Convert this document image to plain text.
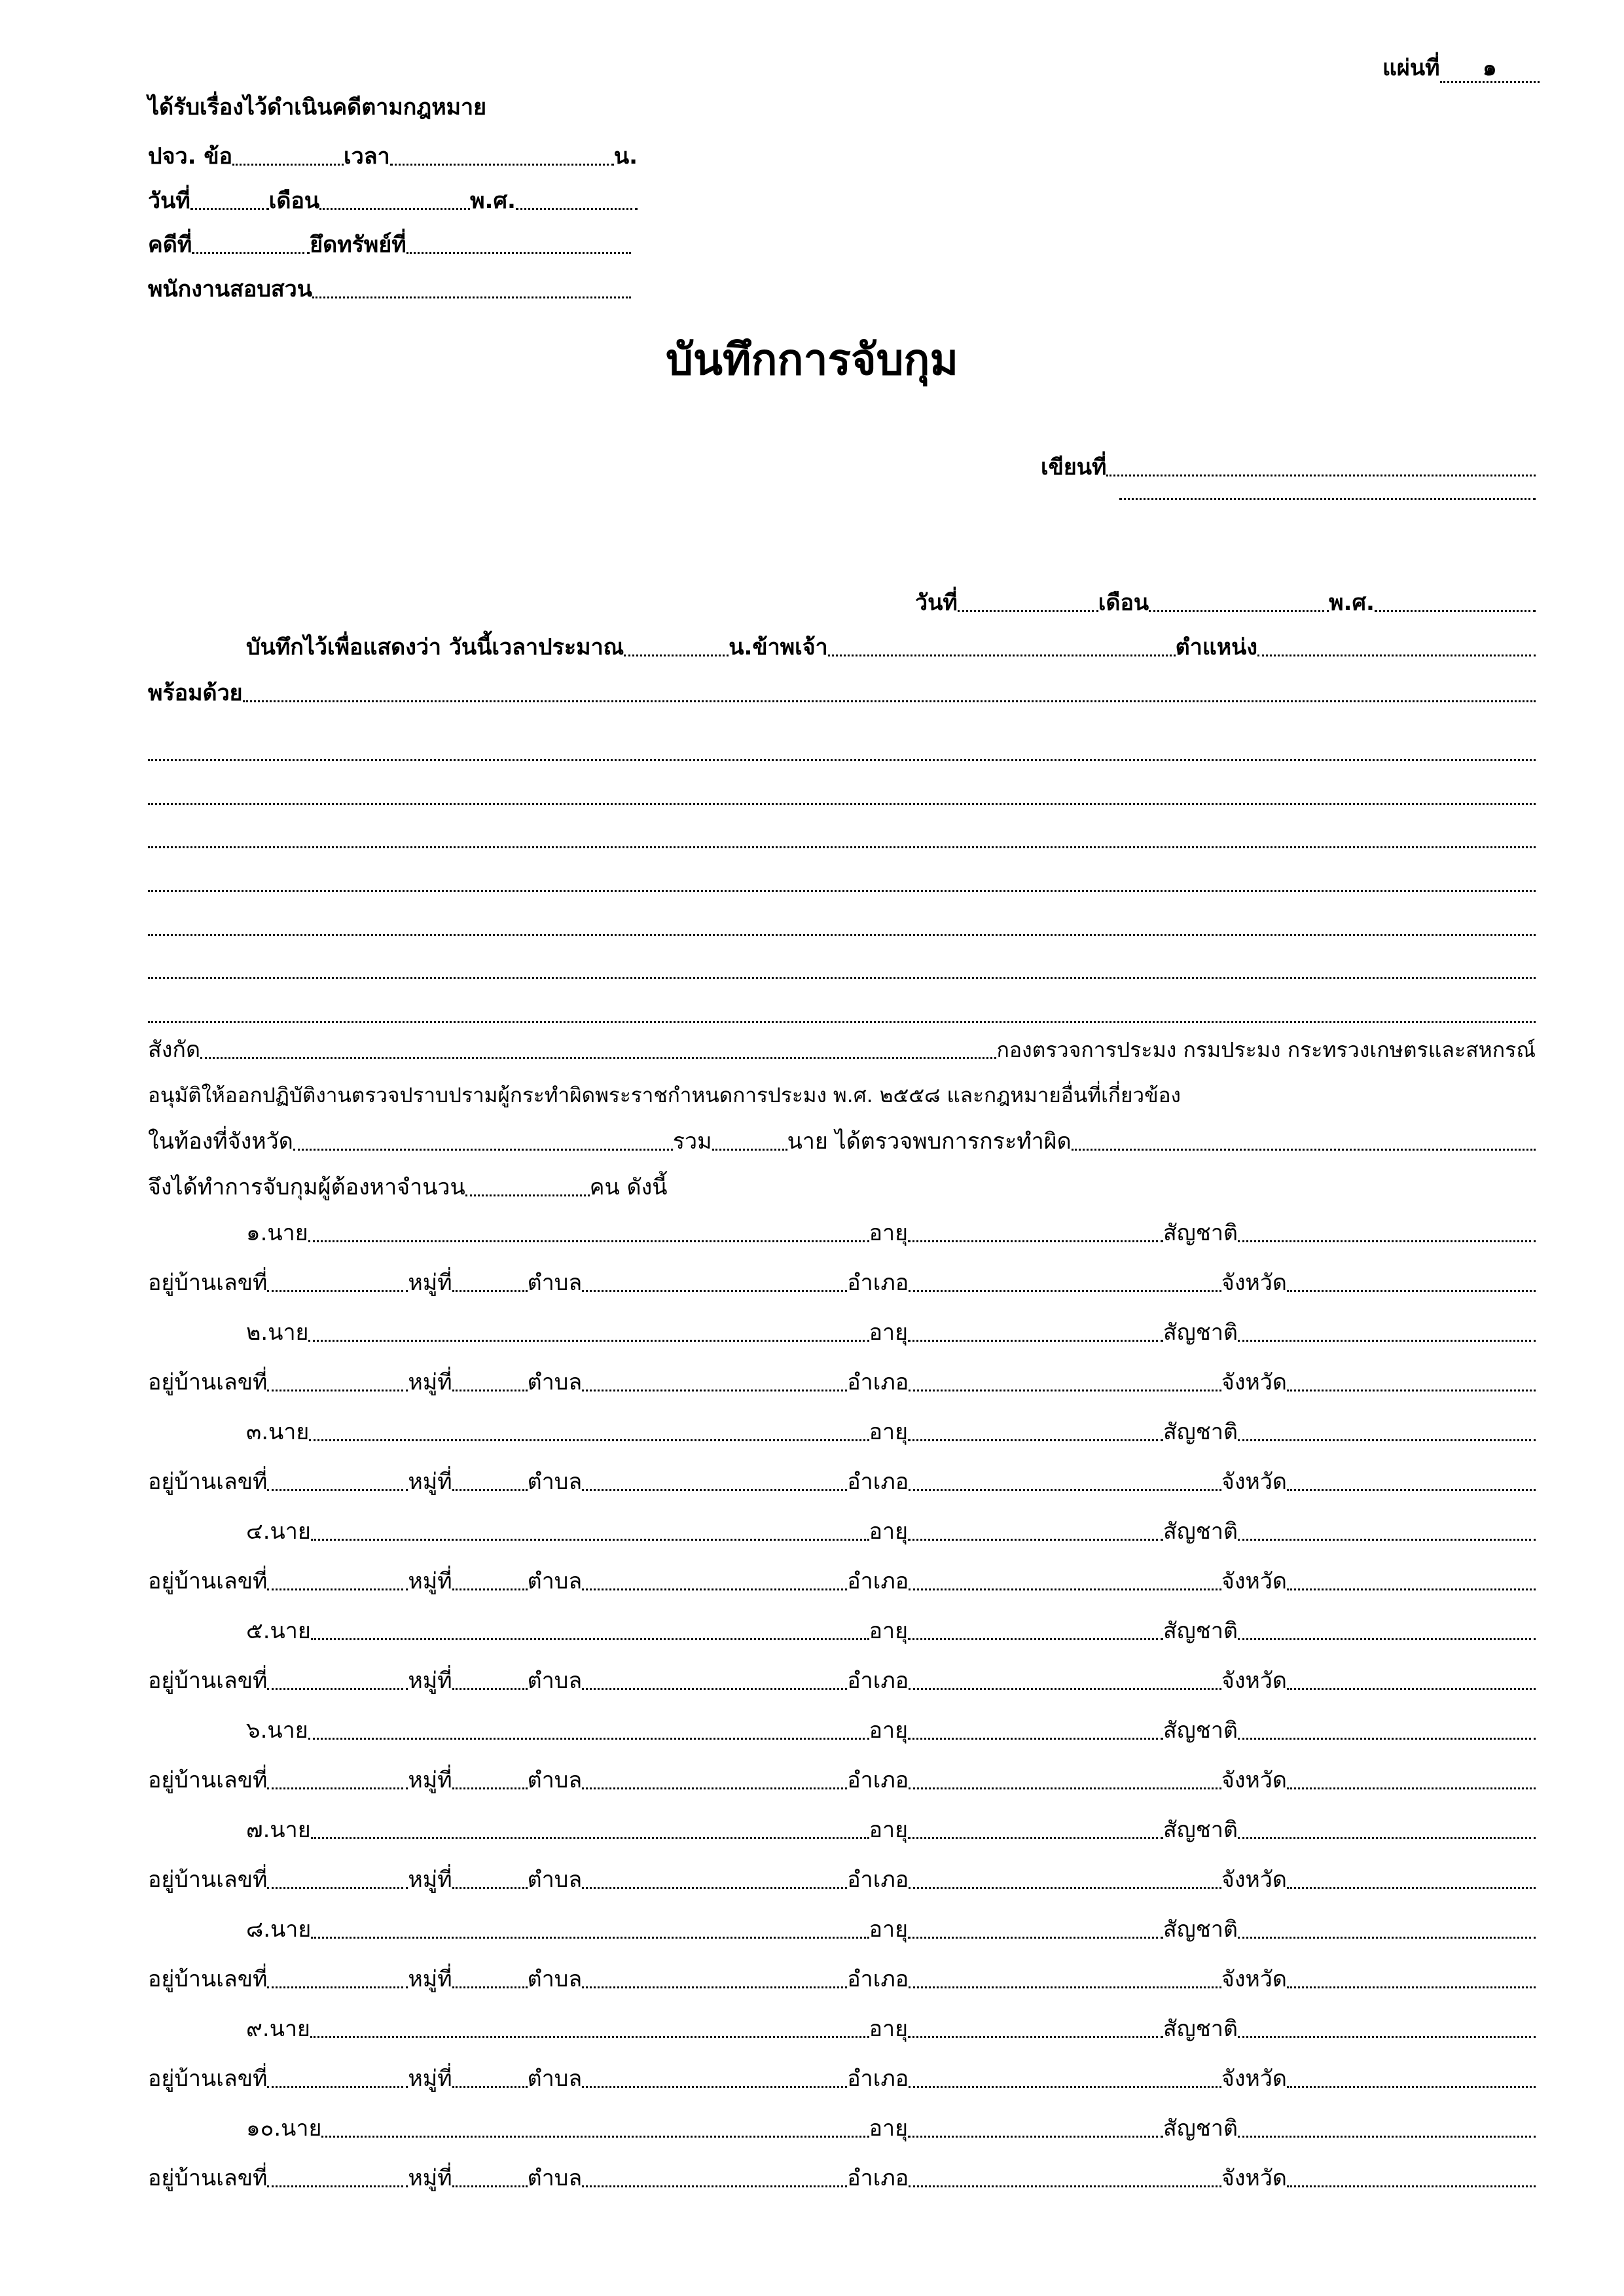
แผ่นที่	๑
ได้รับเรื่องไว้ดำเนินคดีตามกฎหมาย
ปจว. ข้อ	เวลา	น.
วันที่	เดือน	พ.ศ.
คดีที่	ยึดทรัพย์ที่
พนักงานสอบสวน
บันทึกการจับกุม
เขียนที่
วันที่	เดือน	พ.ศ.
บันทึกไว้เพื่อแสดงว่า วันนี้เวลาประมาณ	น.ข้าพเจ้า	ตำแหน่ง
พร้อมด้วย
สังกัด	กองตรวจการประมง กรมประมง กระทรวงเกษตรและสหกรณ์
อนุมัติให้ออกปฏิบัติงานตรวจปราบปรามผู้กระทำผิดพระราชกำหนดการประมง พ.ศ. ๒๕๕๘ และกฎหมายอื่นที่เกี่ยวข้อง
ในท้องที่จังหวัด	รวม	นาย ได้ตรวจพบการกระทำผิด
จึงได้ทำการจับกุมผู้ต้องหาจำนวน	คน ดังนี้
๑.นาย	อายุ	สัญชาติ
อยู่บ้านเลขที่	หมู่ที่	ตำบล	อำเภอ	จังหวัด
๒.นาย	อายุ	สัญชาติ
อยู่บ้านเลขที่	หมู่ที่	ตำบล	อำเภอ	จังหวัด
๓.นาย	อายุ	สัญชาติ
อยู่บ้านเลขที่	หมู่ที่	ตำบล	อำเภอ	จังหวัด
๔.นาย	อายุ	สัญชาติ
อยู่บ้านเลขที่	หมู่ที่	ตำบล	อำเภอ	จังหวัด
๕.นาย	อายุ	สัญชาติ
อยู่บ้านเลขที่	หมู่ที่	ตำบล	อำเภอ	จังหวัด
๖.นาย	อายุ	สัญชาติ
อยู่บ้านเลขที่	หมู่ที่	ตำบล	อำเภอ	จังหวัด
๗.นาย	อายุ	สัญชาติ
อยู่บ้านเลขที่	หมู่ที่	ตำบล	อำเภอ	จังหวัด
๘.นาย	อายุ	สัญชาติ
อยู่บ้านเลขที่	หมู่ที่	ตำบล	อำเภอ	จังหวัด
๙.นาย	อายุ	สัญชาติ
อยู่บ้านเลขที่	หมู่ที่	ตำบล	อำเภอ	จังหวัด
๑๐.นาย	อายุ	สัญชาติ
อยู่บ้านเลขที่	หมู่ที่	ตำบล	อำเภอ	จังหวัด
